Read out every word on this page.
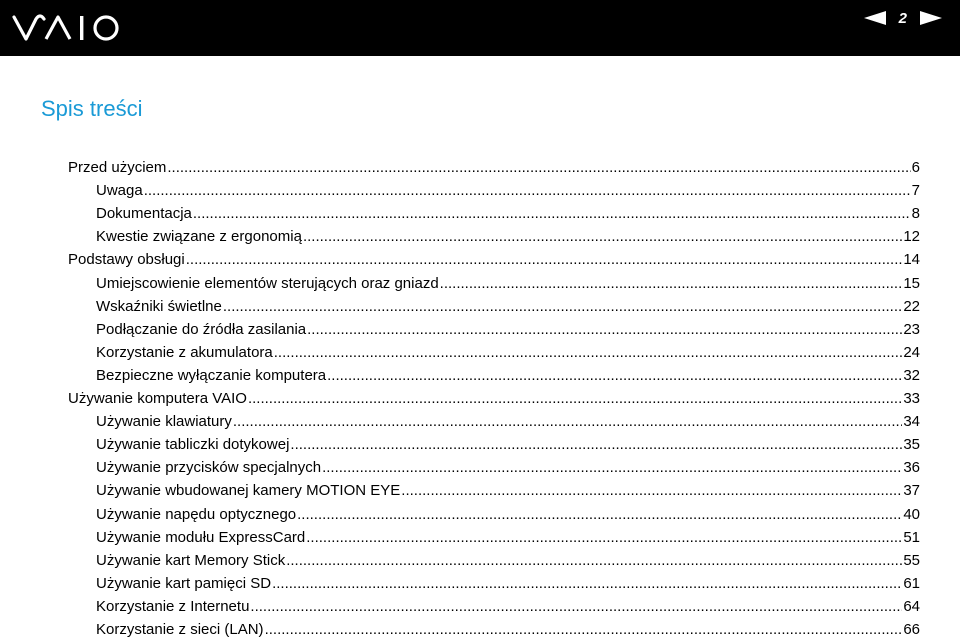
2
Spis treści
Przed użyciem .....	6
Uwaga .....	7
Dokumentacja .....	8
Kwestie związane z ergonomią .....	12
Podstawy obsługi .....	14
Umiejscowienie elementów sterujących oraz gniazd .....	15
Wskaźniki świetlne .....	22
Podłączanie do źródła zasilania .....	23
Korzystanie z akumulatora .....	24
Bezpieczne wyłączanie komputera .....	32
Używanie komputera VAIO .....	33
Używanie klawiatury .....	34
Używanie tabliczki dotykowej .....	35
Używanie przycisków specjalnych .....	36
Używanie wbudowanej kamery MOTION EYE .....	37
Używanie napędu optycznego .....	40
Używanie modułu ExpressCard .....	51
Używanie kart Memory Stick .....	55
Używanie kart pamięci SD .....	61
Korzystanie z Internetu .....	64
Korzystanie z sieci (LAN) .....	66
